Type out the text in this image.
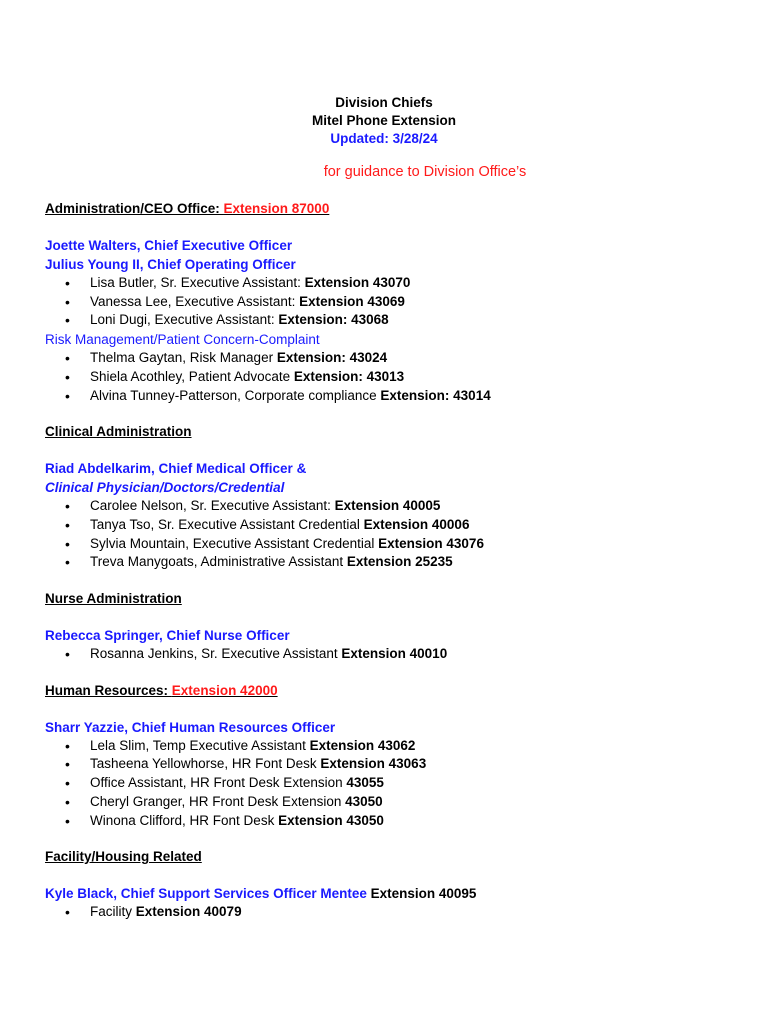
Division Chiefs
Mitel Phone Extension
Updated: 3/28/24
for guidance to Division Office’s
Administration/CEO Office: Extension 87000
Joette Walters, Chief Executive Officer
Julius Young II, Chief Operating Officer
• Lisa Butler, Sr. Executive Assistant: Extension 43070
• Vanessa Lee, Executive Assistant: Extension 43069
• Loni Dugi, Executive Assistant: Extension: 43068
Risk Management/Patient Concern-Complaint
• Thelma Gaytan, Risk Manager Extension: 43024
• Shiela Acothley, Patient Advocate Extension: 43013
• Alvina Tunney-Patterson, Corporate compliance Extension: 43014
Clinical Administration
Riad Abdelkarim, Chief Medical Officer &
Clinical Physician/Doctors/Credential
• Carolee Nelson, Sr. Executive Assistant: Extension 40005
• Tanya Tso, Sr. Executive Assistant Credential Extension 40006
• Sylvia Mountain, Executive Assistant Credential Extension 43076
• Treva Manygoats, Administrative Assistant Extension 25235
Nurse Administration
Rebecca Springer, Chief Nurse Officer
• Rosanna Jenkins, Sr. Executive Assistant Extension 40010
Human Resources: Extension 42000
Sharr Yazzie, Chief Human Resources Officer
• Lela Slim, Temp Executive Assistant Extension 43062
• Tasheena Yellowhorse, HR Font Desk Extension 43063
• Office Assistant, HR Front Desk Extension 43055
• Cheryl Granger, HR Front Desk Extension 43050
• Winona Clifford, HR Font Desk Extension 43050
Facility/Housing Related
Kyle Black, Chief Support Services Officer Mentee Extension 40095
• Facility Extension 40079
